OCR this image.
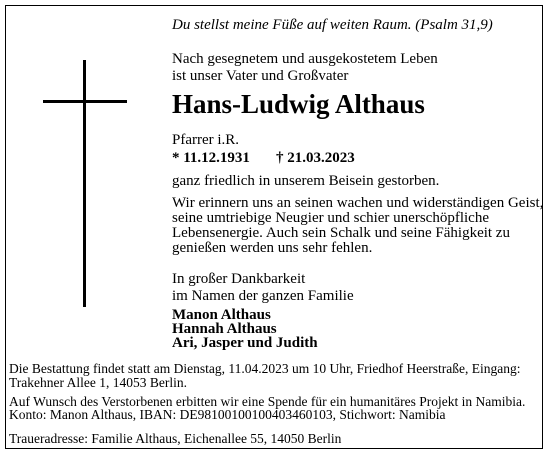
Du stellst meine Füße auf weiten Raum. (Psalm 31,9)
Nach gesegnetem und ausgekostetem Leben
ist unser Vater und Großvater
Hans-Ludwig Althaus
Pfarrer i.R.
* 11.12.1931 † 21.03.2023
ganz friedlich in unserem Beisein gestorben.
Wir erinnern uns an seinen wachen und widerständigen Geist,
seine umtriebige Neugier und schier unerschöpfliche
Lebensenergie. Auch sein Schalk und seine Fähigkeit zu
genießen werden uns sehr fehlen.
In großer Dankbarkeit
im Namen der ganzen Familie
Manon Althaus
Hannah Althaus
Ari, Jasper und Judith
Die Bestattung findet statt am Dienstag, 11.04.2023 um 10 Uhr, Friedhof Heerstraße, Eingang:
Trakehner Allee 1, 14053 Berlin.
Auf Wunsch des Verstorbenen erbitten wir eine Spende für ein humanitäres Projekt in Namibia.
Konto: Manon Althaus, IBAN: DE98100100100403460103, Stichwort: Namibia
Traueradresse: Familie Althaus, Eichenallee 55, 14050 Berlin
